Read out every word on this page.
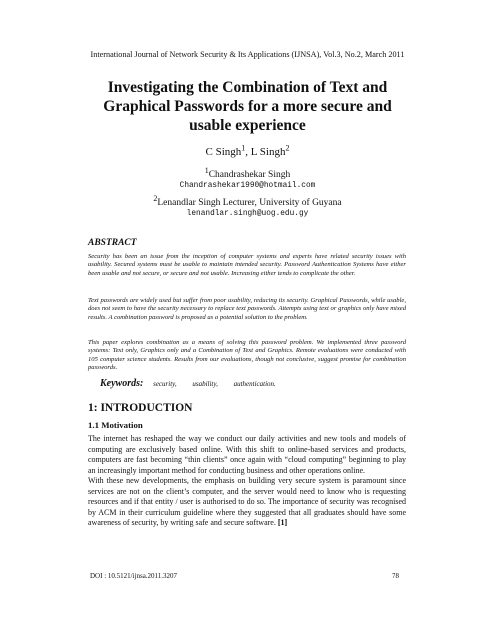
International Journal of Network Security & Its Applications (IJNSA), Vol.3, No.2, March 2011
Investigating the Combination of Text and
Graphical Passwords for a more secure and
usable experience
C Singh$^1$, L Singh$^2$
$^1$Chandrashekar Singh
Chandrashekar1990@hotmail.com
$^2$Lenandlar Singh Lecturer, University of Guyana
lenandlar.singh@uog.edu.gy
ABSTRACT

Security has been an issue from the inception of computer systems and experts have related security issues with usability. Secured systems must be usable to maintain intended security. Password Authentication Systems have either been usable and not secure, or secure and not usable. Increasing either tends to complicate the other.

Text passwords are widely used but suffer from poor usability, reducing its security. Graphical Passwords, while usable, does not seem to have the security necessary to replace text passwords. Attempts using text or graphics only have mixed results. A combination password is proposed as a potential solution to the problem.

This paper explores combination as a means of solving this password problem. We implemented three password systems: Text only, Graphics only and a Combination of Text and Graphics. Remote evaluations were conducted with 105 computer science students. Results from our evaluations, though not conclusive, suggest promise for combination passwords.

Keywords: security, usability, authentication.
1: INTRODUCTION
1.1 Motivation

The internet has reshaped the way we conduct our daily activities and new tools and models of computing are exclusively based online. With this shift to online-based services and products, computers are fast becoming “thin clients” once again with “cloud computing” beginning to play an increasingly important method for conducting business and other operations online.

With these new developments, the emphasis on building very secure system is paramount since services are not on the client’s computer, and the server would need to know who is requesting resources and if that entity / user is authorised to do so. The importance of security was recognised by ACM in their curriculum guideline where they suggested that all graduates should have some awareness of security, by writing safe and secure software. [1]

DOI : 10.5121/ijnsa.2011.3207	78
